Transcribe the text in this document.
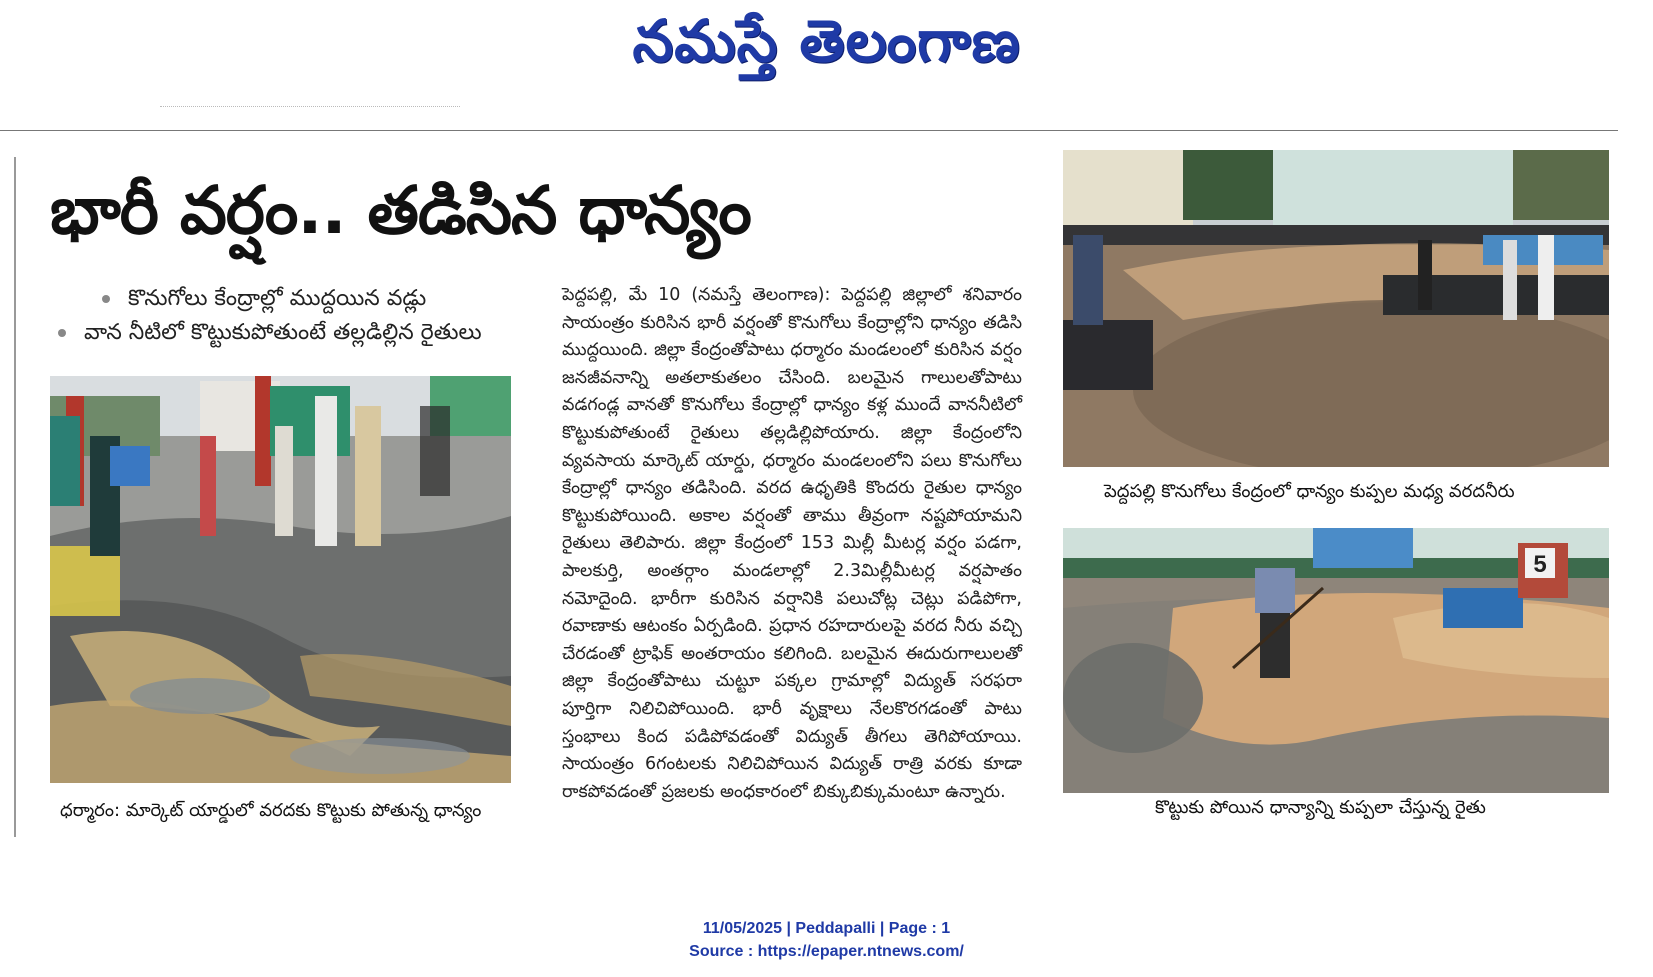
నమస్తే తెలంగాణ
భారీ వర్షం.. తడిసిన ధాన్యం
కొనుగోలు కేంద్రాల్లో ముద్దయిన వడ్లు
వాన నీటిలో కొట్టుకుపోతుంటే తల్లడిల్లిన రైతులు
ధర్మారం: మార్కెట్ యార్డులో వరదకు కొట్టుకు పోతున్న ధాన్యం
పెద్దపల్లి, మే 10 (నమస్తే తెలంగాణ): పెద్దపల్లి జిల్లాలో శనివారం సాయంత్రం కురిసిన భారీ వర్షంతో కొనుగోలు కేంద్రాల్లోని ధాన్యం తడిసి ముద్దయింది. జిల్లా కేంద్రంతోపాటు ధర్మారం మండలంలో కురిసిన వర్షం జనజీవనాన్ని అతలాకుతలం చేసింది. బలమైన గాలులతోపాటు వడగండ్ల వానతో కొనుగోలు కేంద్రాల్లో ధాన్యం కళ్ల ముందే వాననీటిలో కొట్టుకుపోతుంటే రైతులు తల్లడిల్లిపోయారు. జిల్లా కేంద్రంలోని వ్యవసాయ మార్కెట్ యార్డు, ధర్మారం మండలంలోని పలు కొనుగోలు కేంద్రాల్లో ధాన్యం తడిసింది. వరద ఉధృతికి కొందరు రైతుల ధాన్యం కొట్టుకుపోయింది. అకాల వర్షంతో తాము తీవ్రంగా నష్టపోయామని రైతులు తెలిపారు. జిల్లా కేంద్రంలో 153 మిల్లీ మీటర్ల వర్షం పడగా, పాలకుర్తి, అంతర్గాం మండలాల్లో 2.3మిల్లీమీటర్ల వర్షపాతం నమోదైంది. భారీగా కురిసిన వర్షానికి పలుచోట్ల చెట్లు పడిపోగా, రవాణాకు ఆటంకం ఏర్పడింది. ప్రధాన రహదారులపై వరద నీరు వచ్చి చేరడంతో ట్రాఫిక్ అంతరాయం కలిగింది. బలమైన ఈదురుగాలులతో జిల్లా కేంద్రంతోపాటు చుట్టూ పక్కల గ్రామాల్లో విద్యుత్ సరఫరా పూర్తిగా నిలిచిపోయింది. భారీ వృక్షాలు నేలకొరగడంతో పాటు స్తంభాలు కింద పడిపోవడంతో విద్యుత్ తీగలు తెగిపోయాయి. సాయంత్రం 6గంటలకు నిలిచిపోయిన విద్యుత్ రాత్రి వరకు కూడా రాకపోవడంతో ప్రజలకు అంధకారంలో బిక్కుబిక్కుమంటూ ఉన్నారు.
పెద్దపల్లి కొనుగోలు కేంద్రంలో ధాన్యం కుప్పల మధ్య వరదనీరు
5
కొట్టుకు పోయిన ధాన్యాన్ని కుప్పలా చేస్తున్న రైతు
11/05/2025 | Peddapalli | Page : 1
Source : https://epaper.ntnews.com/
